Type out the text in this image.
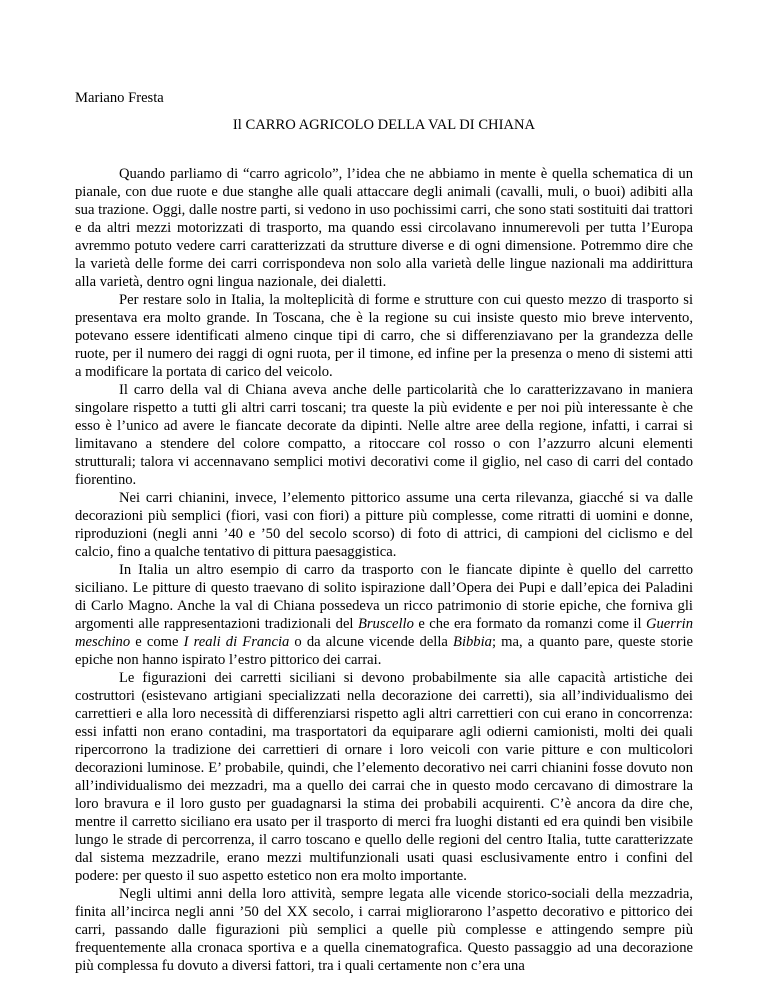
Mariano Fresta

Il CARRO AGRICOLO DELLA VAL DI CHIANA

Quando parliamo di “carro agricolo”, l’idea che ne abbiamo in mente è quella schematica di un pianale, con due ruote e due stanghe alle quali attaccare degli animali (cavalli, muli, o buoi) adibiti alla sua trazione. Oggi, dalle nostre parti, si vedono in uso pochissimi carri, che sono stati sostituiti dai trattori e da altri mezzi motorizzati di trasporto, ma quando essi circolavano innumerevoli per tutta l’Europa avremmo potuto vedere carri caratterizzati da strutture diverse e di ogni dimensione. Potremmo dire che la varietà delle forme dei carri corrispondeva non solo alla varietà delle lingue nazionali ma addirittura alla varietà, dentro ogni lingua nazionale, dei dialetti.

Per restare solo in Italia, la molteplicità di forme e strutture con cui questo mezzo di trasporto si presentava era molto grande. In Toscana, che è la regione su cui insiste questo mio breve intervento, potevano essere identificati almeno cinque tipi di carro, che si differenziavano per la grandezza delle ruote, per il numero dei raggi di ogni ruota, per il timone, ed infine per la presenza o meno di sistemi atti a modificare la portata di carico del veicolo.

Il carro della val di Chiana aveva anche delle particolarità che lo caratterizzavano in maniera singolare rispetto a tutti gli altri carri toscani; tra queste la più evidente e per noi più interessante è che esso è l’unico ad avere le fiancate decorate da dipinti. Nelle altre aree della regione, infatti, i carrai si limitavano a stendere del colore compatto, a ritoccare col rosso o con l’azzurro alcuni elementi strutturali; talora vi accennavano semplici motivi decorativi come il giglio, nel caso di carri del contado fiorentino.

Nei carri chianini, invece, l’elemento pittorico assume una certa rilevanza, giacché si va dalle decorazioni più semplici (fiori, vasi con fiori) a pitture più complesse, come ritratti di uomini e donne, riproduzioni (negli anni ’40 e ’50 del secolo scorso) di foto di attrici, di campioni del ciclismo e del calcio, fino a qualche tentativo di pittura paesaggistica.

In Italia un altro esempio di carro da trasporto con le fiancate dipinte è quello del carretto siciliano. Le pitture di questo traevano di solito ispirazione dall’Opera dei Pupi e dall’epica dei Paladini di Carlo Magno. Anche la val di Chiana possedeva un ricco patrimonio di storie epiche, che forniva gli argomenti alle rappresentazioni tradizionali del Bruscello e che era formato da romanzi come il Guerrin meschino e come I reali di Francia o da alcune vicende della Bibbia; ma, a quanto pare, queste storie epiche non hanno ispirato l’estro pittorico dei carrai.

Le figurazioni dei carretti siciliani si devono probabilmente sia alle capacità artistiche dei costruttori (esistevano artigiani specializzati nella decorazione dei carretti), sia all’individualismo dei carrettieri e alla loro necessità di differenziarsi rispetto agli altri carrettieri con cui erano in concorrenza: essi infatti non erano contadini, ma trasportatori da equiparare agli odierni camionisti, molti dei quali ripercorrono la tradizione dei carrettieri di ornare i loro veicoli con varie pitture e con multicolori decorazioni luminose. E’ probabile, quindi, che l’elemento decorativo nei carri chianini fosse dovuto non all’individualismo dei mezzadri, ma a quello dei carrai che in questo modo cercavano di dimostrare la loro bravura e il loro gusto per guadagnarsi la stima dei probabili acquirenti. C’è ancora da dire che, mentre il carretto siciliano era usato per il trasporto di merci fra luoghi distanti ed era quindi ben visibile lungo le strade di percorrenza, il carro toscano e quello delle regioni del centro Italia, tutte caratterizzate dal sistema mezzadrile, erano mezzi multifunzionali usati quasi esclusivamente entro i confini del podere: per questo il suo aspetto estetico non era molto importante.

Negli ultimi anni della loro attività, sempre legata alle vicende storico-sociali della mezzadria, finita all’incirca negli anni ’50 del XX secolo, i carrai migliorarono l’aspetto decorativo e pittorico dei carri, passando dalle figurazioni più semplici a quelle più complesse e attingendo sempre più frequentemente alla cronaca sportiva e a quella cinematografica. Questo passaggio ad una decorazione più complessa fu dovuto a diversi fattori, tra i quali certamente non c’era una
